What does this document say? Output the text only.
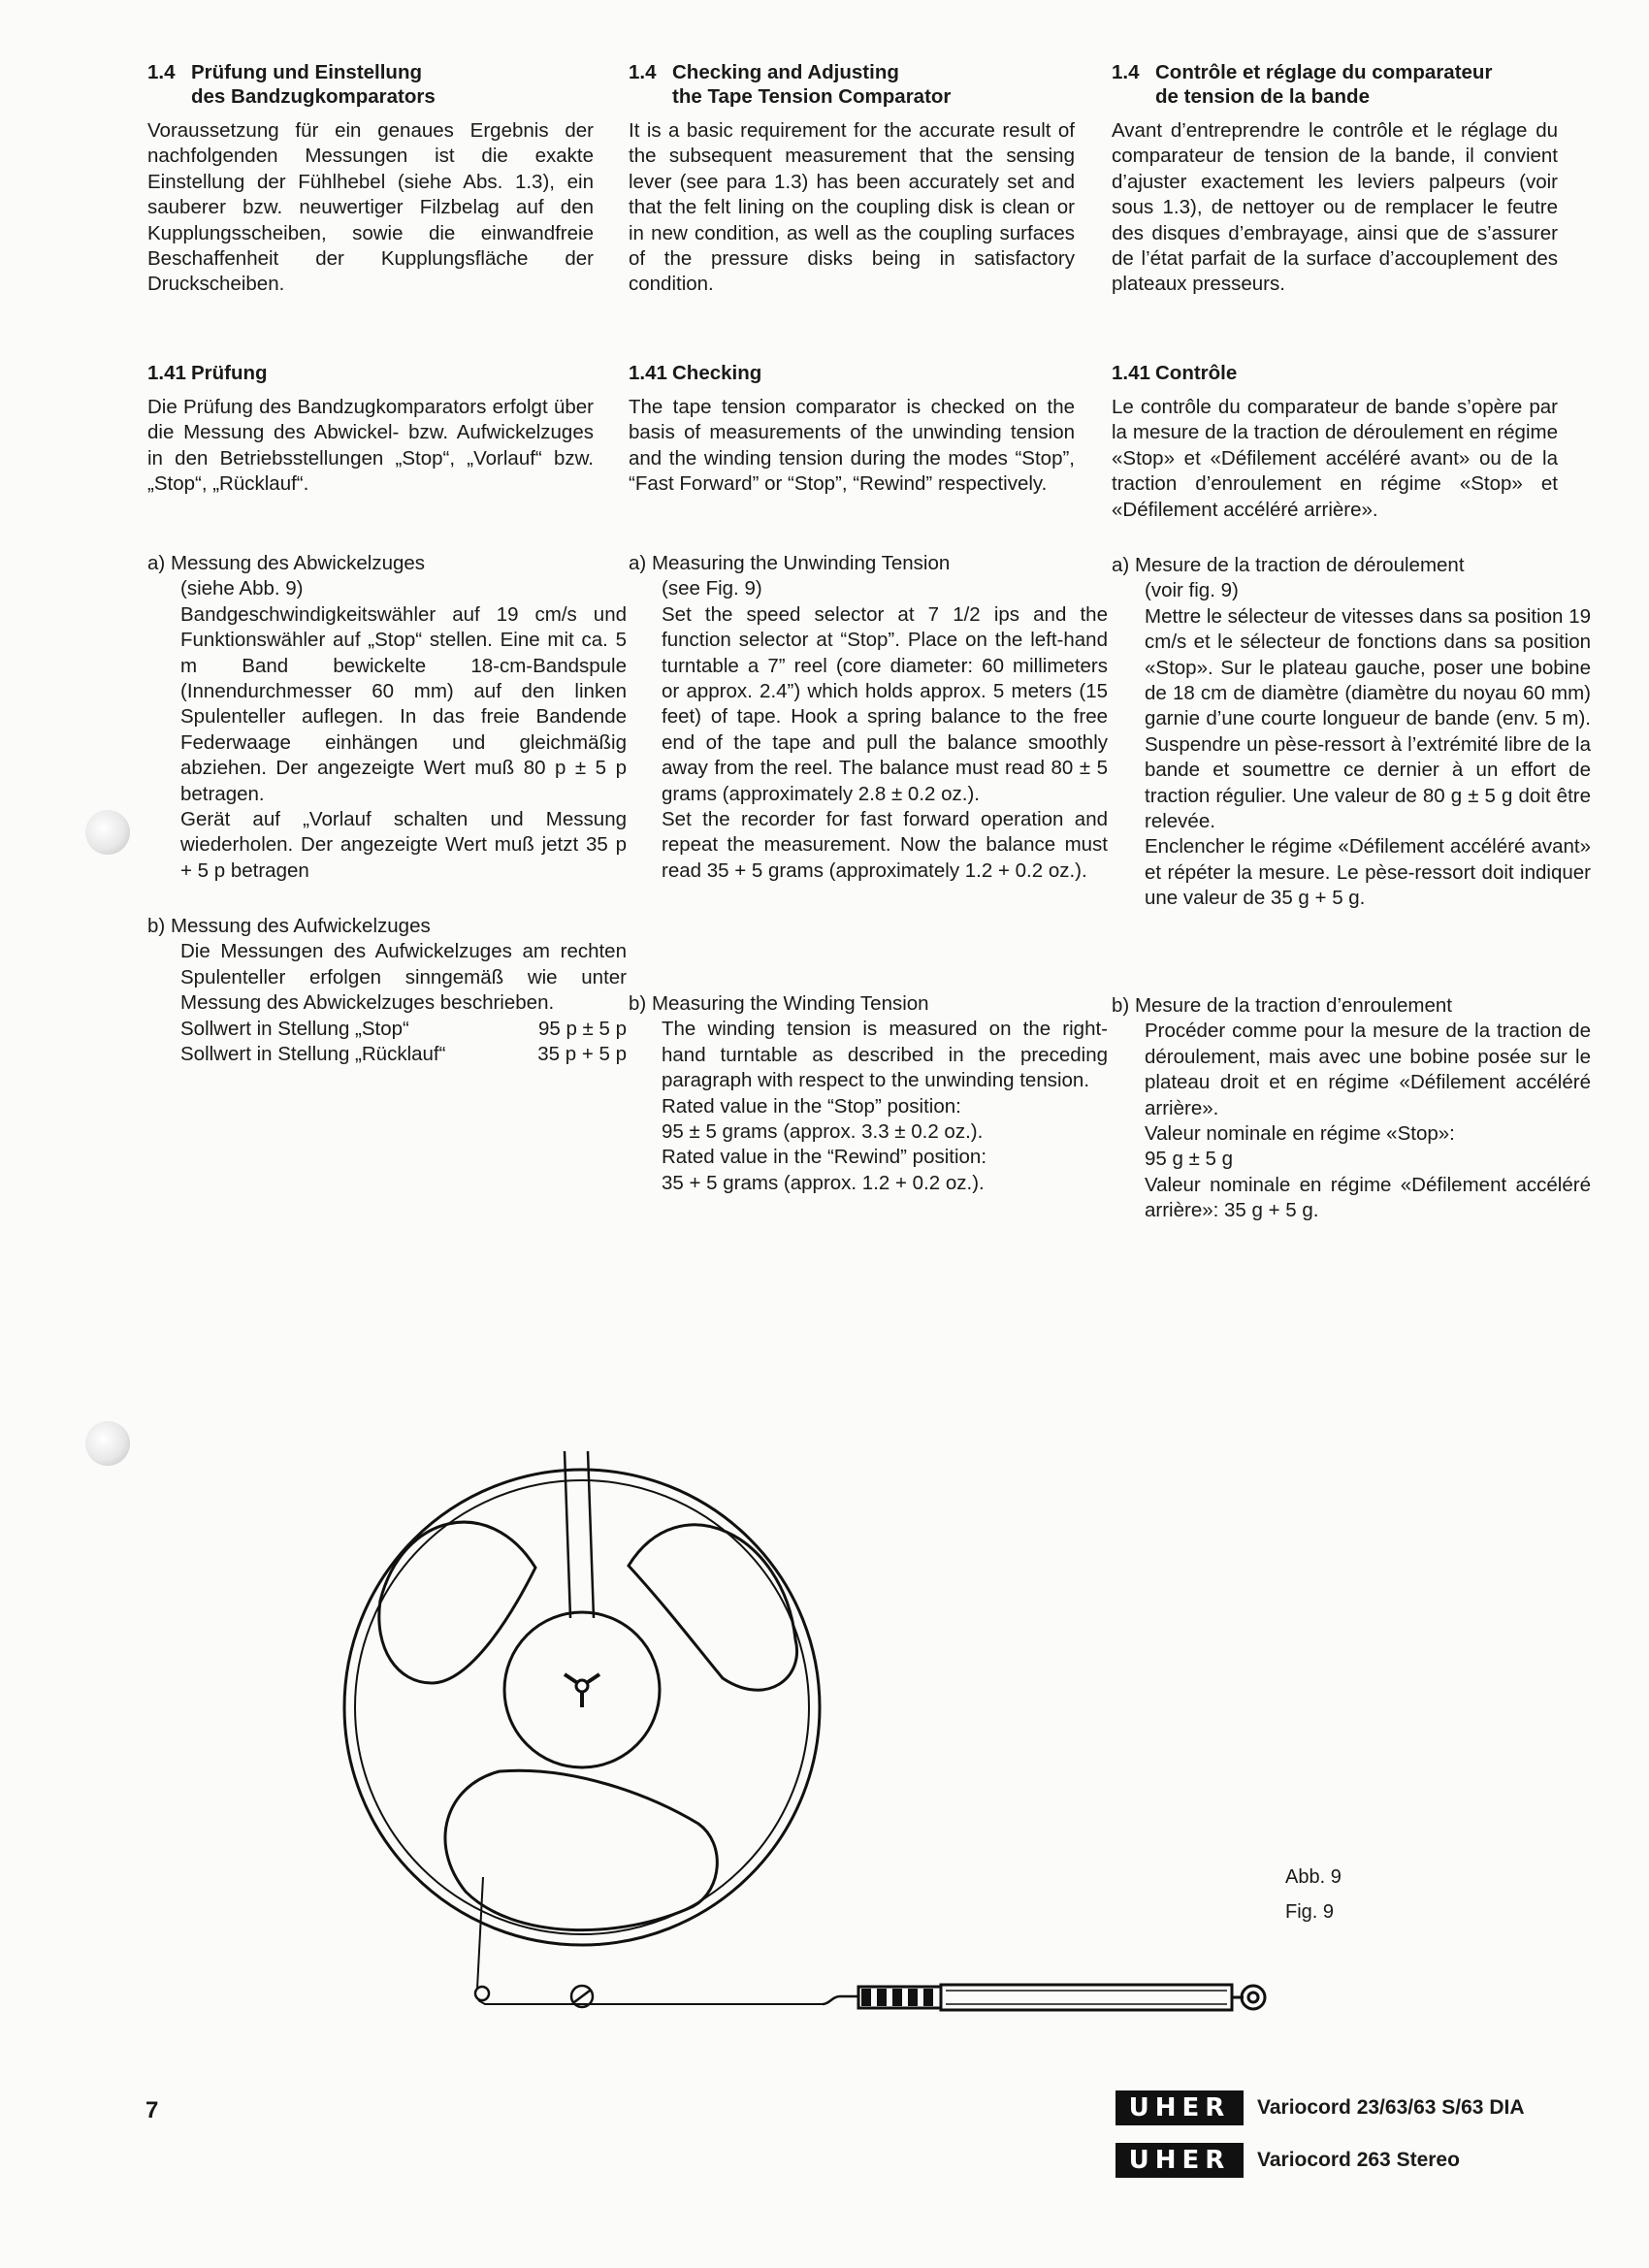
1.4 Prüfung und Einstellung
des Bandzugkomparators

Voraussetzung für ein genaues Ergebnis der nachfolgenden Messungen ist die exakte Einstellung der Fühlhebel (siehe Abs. 1.3), ein sauberer bzw. neuwertiger Filzbelag auf den Kupplungsscheiben, sowie die einwandfreie Beschaffenheit der Kupplungsfläche der Druckscheiben.

1.41 Prüfung

Die Prüfung des Bandzugkomparators erfolgt über die Messung des Abwickel- bzw. Aufwickelzuges in den Betriebsstellungen „Stop“, „Vorlauf“ bzw. „Stop“, „Rücklauf“.

a) Messung des Abwickelzuges

(siehe Abb. 9)

Bandgeschwindigkeitswähler auf 19 cm/s und Funktionswähler auf „Stop“ stellen. Eine mit ca. 5 m Band bewickelte 18-cm-Bandspule (Innendurchmesser 60 mm) auf den linken Spulenteller auflegen. In das freie Bandende Federwaage einhängen und gleichmäßig abziehen. Der angezeigte Wert muß 80 p ± 5 p betragen.

Gerät auf „Vorlauf schalten und Messung wiederholen. Der angezeigte Wert muß jetzt 35 p + 5 p betragen

b) Messung des Aufwickelzuges

Die Messungen des Aufwickelzuges am rechten Spulenteller erfolgen sinngemäß wie unter Messung des Abwickelzuges beschrieben.

Sollwert in Stellung „Stop“	95 p ± 5 p
Sollwert in Stellung „Rücklauf“	35 p + 5 p
1.4 Checking and Adjusting
the Tape Tension Comparator

It is a basic requirement for the accurate result of the subsequent measurement that the sensing lever (see para 1.3) has been accurately set and that the felt lining on the coupling disk is clean or in new condition, as well as the coupling surfaces of the pressure disks being in satisfactory condition.

1.41 Checking

The tape tension comparator is checked on the basis of measurements of the unwinding tension and the winding tension during the modes “Stop”, “Fast Forward” or “Stop”, “Rewind” respectively.

a) Measuring the Unwinding Tension

(see Fig. 9)

Set the speed selector at 7 1/2 ips and the function selector at “Stop”. Place on the left-hand turntable a 7” reel (core diameter: 60 millimeters or approx. 2.4”) which holds approx. 5 meters (15 feet) of tape. Hook a spring balance to the free end of the tape and pull the balance smoothly away from the reel. The balance must read 80 ± 5 grams (approximately 2.8 ± 0.2 oz.).

Set the recorder for fast forward operation and repeat the measurement. Now the balance must read 35 + 5 grams (approximately 1.2 + 0.2 oz.).

b) Measuring the Winding Tension

The winding tension is measured on the right-hand turntable as described in the preceding paragraph with respect to the unwinding tension.

Rated value in the “Stop” position:

95 ± 5 grams (approx. 3.3 ± 0.2 oz.).

Rated value in the “Rewind” position:

35 + 5 grams (approx. 1.2 + 0.2 oz.).

1.4 Contrôle et réglage du comparateur
de tension de la bande

Avant d’entreprendre le contrôle et le réglage du comparateur de tension de la bande, il convient d’ajuster exactement les leviers palpeurs (voir sous 1.3), de nettoyer ou de remplacer le feutre des disques d’embrayage, ainsi que de s’assurer de l’état parfait de la surface d’accouplement des plateaux presseurs.

1.41 Contrôle

Le contrôle du comparateur de bande s’opère par la mesure de la traction de déroulement en régime «Stop» et «Défilement accéléré avant» ou de la traction d’enroulement en régime «Stop» et «Défilement accéléré arrière».

a) Mesure de la traction de déroulement

(voir fig. 9)

Mettre le sélecteur de vitesses dans sa position 19 cm/s et le sélecteur de fonctions dans sa position «Stop». Sur le plateau gauche, poser une bobine de 18 cm de diamètre (diamètre du noyau 60 mm) garnie d’une courte longueur de bande (env. 5 m). Suspendre un pèse-ressort à l’extrémité libre de la bande et soumettre ce dernier à un effort de traction régulier. Une valeur de 80 g ± 5 g doit être relevée.

Enclencher le régime «Défilement accéléré avant» et répéter la mesure. Le pèse-ressort doit indiquer une valeur de 35 g + 5 g.

b) Mesure de la traction d’enroulement

Procéder comme pour la mesure de la traction de déroulement, mais avec une bobine posée sur le plateau droit et en régime «Défilement accéléré arrière».

Valeur nominale en régime «Stop»:

95 g ± 5 g

Valeur nominale en régime «Défilement accéléré arrière»: 35 g + 5 g.

Abb. 9
Fig. 9
7	UHER	Variocord 23/63/63 S/63 DIA
UHER	Variocord 263 Stereo
